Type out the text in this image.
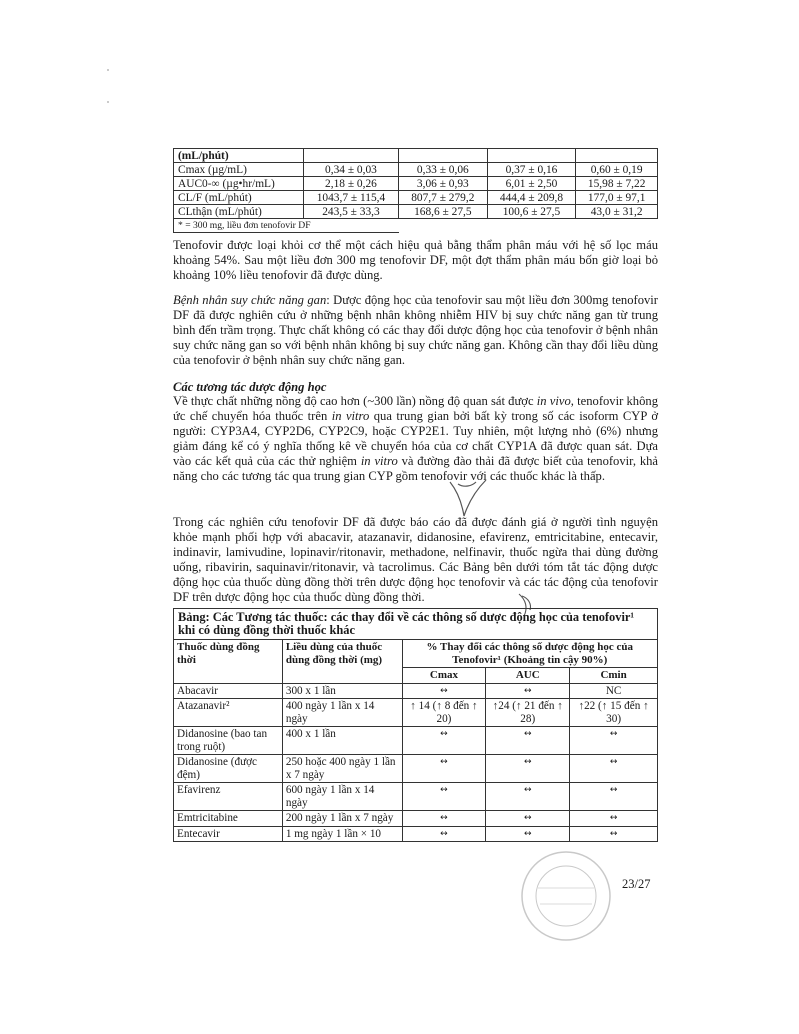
(mL/phút)				
Cmax (µg/mL)	0,34 ± 0,03	0,33 ± 0,06	0,37 ± 0,16	0,60 ± 0,19
AUC0-∞ (µg•hr/mL)	2,18 ± 0,26	3,06 ± 0,93	6,01 ± 2,50	15,98 ± 7,22
CL/F (mL/phút)	1043,7 ± 115,4	807,7 ± 279,2	444,4 ± 209,8	177,0 ± 97,1
CLthận (mL/phút)	243,5 ± 33,3	168,6 ± 27,5	100,6 ± 27,5	43,0 ± 31,2
* = 300 mg, liều đơn tenofovir DF				

Tenofovir được loại khỏi cơ thể một cách hiệu quả bằng thẩm phân máu với hệ số lọc máu khoảng 54%. Sau một liều đơn 300 mg tenofovir DF, một đợt thẩm phân máu bốn giờ loại bỏ khoảng 10% liều tenofovir đã được dùng.

Bệnh nhân suy chức năng gan: Dược động học của tenofovir sau một liều đơn 300mg tenofovir DF đã được nghiên cứu ở những bệnh nhân không nhiễm HIV bị suy chức năng gan từ trung bình đến trầm trọng. Thực chất không có các thay đổi dược động học của tenofovir ở bệnh nhân suy chức năng gan so với bệnh nhân không bị suy chức năng gan. Không cần thay đổi liều dùng của tenofovir ở bệnh nhân suy chức năng gan.

Các tương tác dược động học

Về thực chất những nồng độ cao hơn (~300 lần) nồng độ quan sát được in vivo, tenofovir không ức chế chuyển hóa thuốc trên in vitro qua trung gian bởi bất kỳ trong số các isoform CYP ở người: CYP3A4, CYP2D6, CYP2C9, hoặc CYP2E1. Tuy nhiên, một lượng nhỏ (6%) nhưng giảm đáng kể có ý nghĩa thống kê về chuyển hóa của cơ chất CYP1A đã được quan sát. Dựa vào các kết quả của các thử nghiệm in vitro và đường đào thải đã được biết của tenofovir, khả năng cho các tương tác qua trung gian CYP gồm tenofovir với các thuốc khác là thấp.

Trong các nghiên cứu tenofovir DF đã được báo cáo đã được đánh giá ở người tình nguyện khỏe mạnh phối hợp với abacavir, atazanavir, didanosine, efavirenz, emtricitabine, entecavir, indinavir, lamivudine, lopinavir/ritonavir, methadone, nelfinavir, thuốc ngừa thai dùng đường uống, ribavirin, saquinavir/ritonavir, và tacrolimus. Các Bảng bên dưới tóm tắt tác động dược động học của thuốc dùng đồng thời trên dược động học tenofovir và các tác động của tenofovir DF trên dược động học của thuốc dùng đồng thời.

Bảng: Các Tương tác thuốc: các thay đổi về các thông số dược động học của tenofovir¹ khi có dùng đồng thời thuốc khác				
Thuốc dùng đồng thời	Liều dùng của thuốc dùng đồng thời (mg)	% Thay đổi các thông số dược động học của Tenofovir¹ (Khoảng tin cậy 90%)		
		Cmax	AUC	Cmin
Abacavir	300 x 1 lần	↔	↔	NC
Atazanavir²	400 ngày 1 lần x 14 ngày	↑ 14 (↑ 8 đến ↑ 20)	↑24 (↑ 21 đến ↑ 28)	↑22 (↑ 15 đến ↑ 30)
Didanosine (bao tan trong ruột)	400 x 1 lần	↔	↔	↔
Didanosine (được đệm)	250 hoặc 400 ngày 1 lần x 7 ngày	↔	↔	↔
Efavirenz	600 ngày 1 lần x 14 ngày	↔	↔	↔
Emtricitabine	200 ngày 1 lần x 7 ngày	↔	↔	↔
Entecavir	1 mg ngày 1 lần × 10	↔	↔	↔
23/27
